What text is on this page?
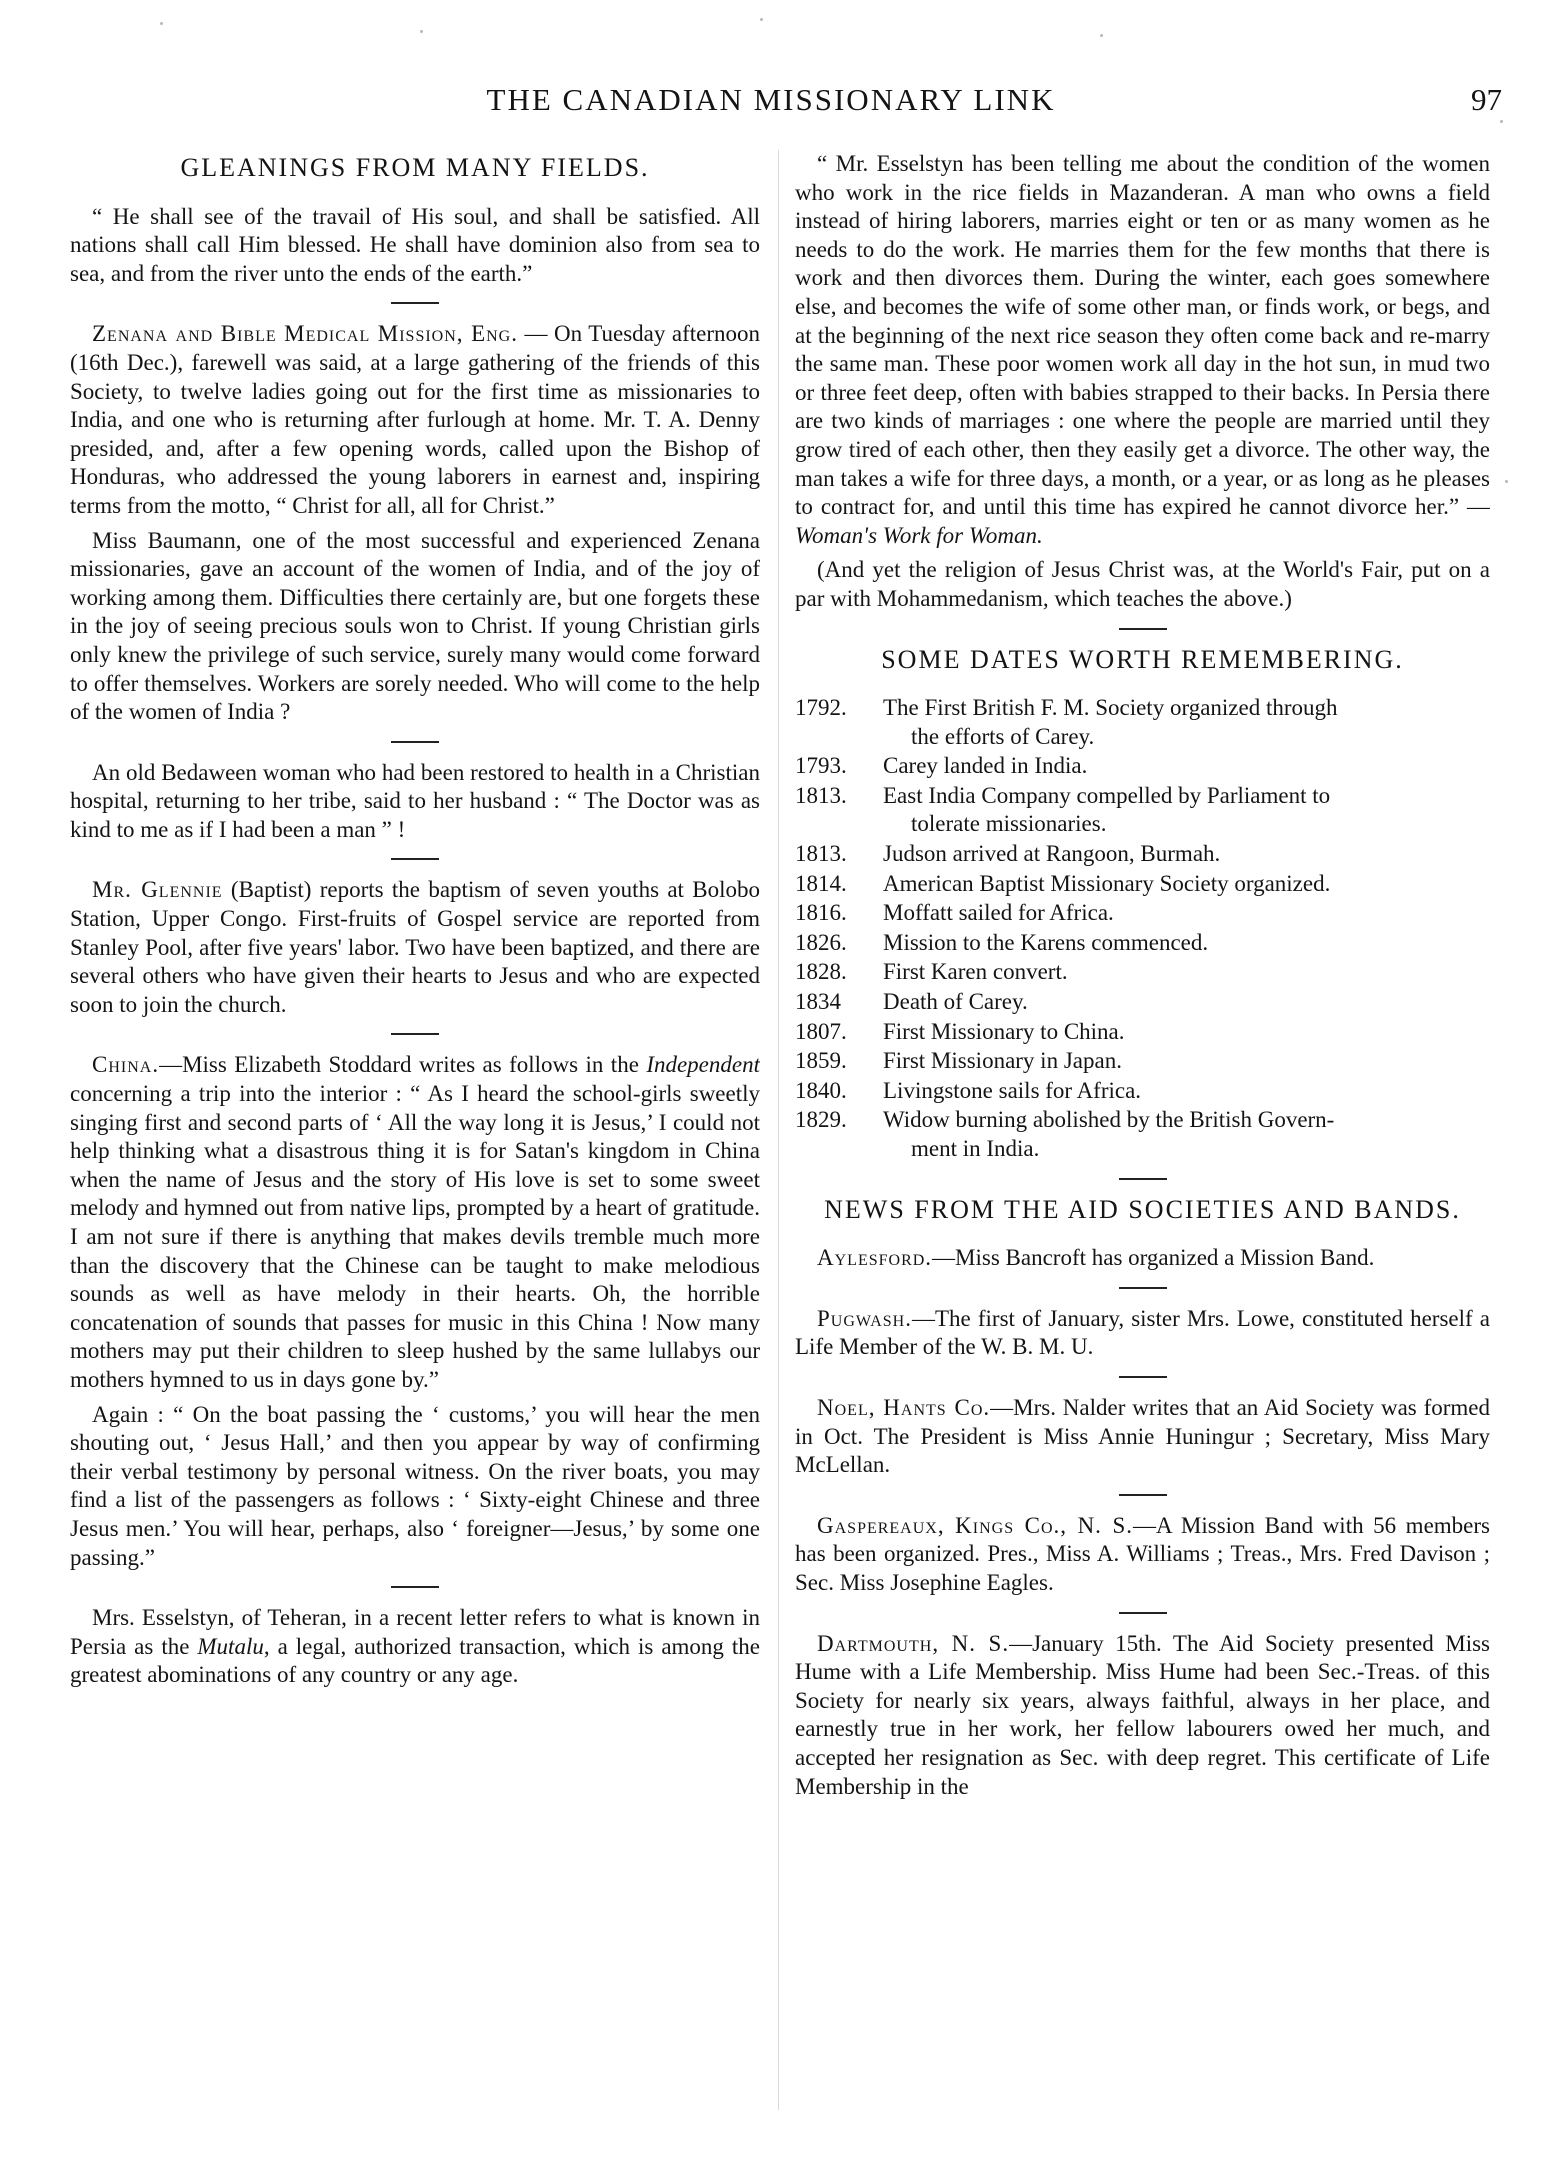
THE CANADIAN MISSIONARY LINK	97
GLEANINGS FROM MANY FIELDS.

“ He shall see of the travail of His soul, and shall be satisfied. All nations shall call Him blessed. He shall have dominion also from sea to sea, and from the river unto the ends of the earth.”

Zenana and Bible Medical Mission, Eng. — On Tuesday afternoon (16th Dec.), farewell was said, at a large gathering of the friends of this Society, to twelve ladies going out for the first time as missionaries to India, and one who is returning after furlough at home. Mr. T. A. Denny presided, and, after a few opening words, called upon the Bishop of Honduras, who addressed the young laborers in earnest and, inspiring terms from the motto, “ Christ for all, all for Christ.”

Miss Baumann, one of the most successful and experienced Zenana missionaries, gave an account of the women of India, and of the joy of working among them. Difficulties there certainly are, but one forgets these in the joy of seeing precious souls won to Christ. If young Christian girls only knew the privilege of such service, surely many would come forward to offer themselves. Workers are sorely needed. Who will come to the help of the women of India ?

An old Bedaween woman who had been restored to health in a Christian hospital, returning to her tribe, said to her husband : “ The Doctor was as kind to me as if I had been a man ” !

Mr. Glennie (Baptist) reports the baptism of seven youths at Bolobo Station, Upper Congo. First-fruits of Gospel service are reported from Stanley Pool, after five years' labor. Two have been baptized, and there are several others who have given their hearts to Jesus and who are expected soon to join the church.

China.—Miss Elizabeth Stoddard writes as follows in the Independent concerning a trip into the interior : “ As I heard the school-girls sweetly singing first and second parts of ‘ All the way long it is Jesus,’ I could not help thinking what a disastrous thing it is for Satan's kingdom in China when the name of Jesus and the story of His love is set to some sweet melody and hymned out from native lips, prompted by a heart of gratitude. I am not sure if there is anything that makes devils tremble much more than the discovery that the Chinese can be taught to make melodious sounds as well as have melody in their hearts. Oh, the horrible concatenation of sounds that passes for music in this China ! Now many mothers may put their children to sleep hushed by the same lullabys our mothers hymned to us in days gone by.”

Again : “ On the boat passing the ‘ customs,’ you will hear the men shouting out, ‘ Jesus Hall,’ and then you appear by way of confirming their verbal testimony by personal witness. On the river boats, you may find a list of the passengers as follows : ‘ Sixty-eight Chinese and three Jesus men.’ You will hear, perhaps, also ‘ foreigner—Jesus,’ by some one passing.”

Mrs. Esselstyn, of Teheran, in a recent letter refers to what is known in Persia as the Mutalu, a legal, authorized transaction, which is among the greatest abominations of any country or any age.

“ Mr. Esselstyn has been telling me about the condition of the women who work in the rice fields in Mazanderan. A man who owns a field instead of hiring laborers, marries eight or ten or as many women as he needs to do the work. He marries them for the few months that there is work and then divorces them. During the winter, each goes somewhere else, and becomes the wife of some other man, or finds work, or begs, and at the beginning of the next rice season they often come back and re-marry the same man. These poor women work all day in the hot sun, in mud two or three feet deep, often with babies strapped to their backs. In Persia there are two kinds of marriages : one where the people are married until they grow tired of each other, then they easily get a divorce. The other way, the man takes a wife for three days, a month, or a year, or as long as he pleases to contract for, and until this time has expired he cannot divorce her.” — Woman's Work for Woman.

(And yet the religion of Jesus Christ was, at the World's Fair, put on a par with Mohammedanism, which teaches the above.)

SOME DATES WORTH REMEMBERING.
1792.	The First British F. M. Society organized through
the efforts of Carey.
1793.	Carey landed in India.
1813.	East India Company compelled by Parliament to
tolerate missionaries.
1813.	Judson arrived at Rangoon, Burmah.
1814.	American Baptist Missionary Society organized.
1816.	Moffatt sailed for Africa.
1826.	Mission to the Karens commenced.
1828.	First Karen convert.
1834	Death of Carey.
1807.	First Missionary to China.
1859.	First Missionary in Japan.
1840.	Livingstone sails for Africa.
1829.	Widow burning abolished by the British Govern-
ment in India.
NEWS FROM THE AID SOCIETIES AND BANDS.

Aylesford.—Miss Bancroft has organized a Mission Band.

Pugwash.—The first of January, sister Mrs. Lowe, constituted herself a Life Member of the W. B. M. U.

Noel, Hants Co.—Mrs. Nalder writes that an Aid Society was formed in Oct. The President is Miss Annie Huningur ; Secretary, Miss Mary McLellan.

Gaspereaux, Kings Co., N. S.—A Mission Band with 56 members has been organized. Pres., Miss A. Williams ; Treas., Mrs. Fred Davison ; Sec. Miss Josephine Eagles.

Dartmouth, N. S.—January 15th. The Aid Society presented Miss Hume with a Life Membership. Miss Hume had been Sec.-Treas. of this Society for nearly six years, always faithful, always in her place, and earnestly true in her work, her fellow labourers owed her much, and accepted her resignation as Sec. with deep regret. This certificate of Life Membership in the
